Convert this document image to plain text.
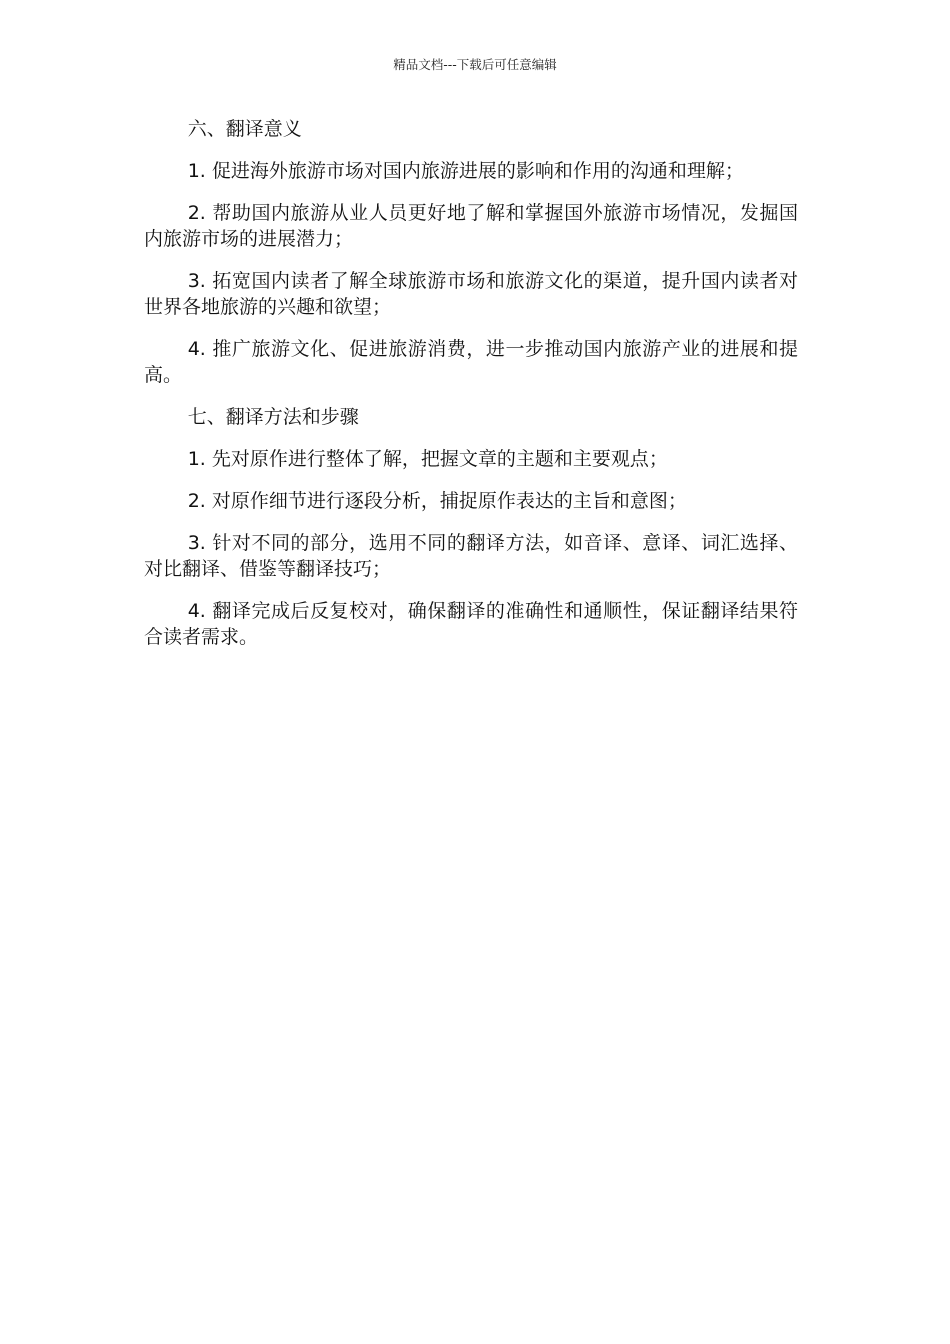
精品文档---下载后可任意编辑

六、翻译意义

1. 促进海外旅游市场对国内旅游进展的影响和作用的沟通和理解；

2. 帮助国内旅游从业人员更好地了解和掌握国外旅游市场情况，发掘国内旅游市场的进展潜力；

3. 拓宽国内读者了解全球旅游市场和旅游文化的渠道，提升国内读者对世界各地旅游的兴趣和欲望；

4. 推广旅游文化、促进旅游消费，进一步推动国内旅游产业的进展和提高。

七、翻译方法和步骤

1. 先对原作进行整体了解，把握文章的主题和主要观点；

2. 对原作细节进行逐段分析，捕捉原作表达的主旨和意图；

3. 针对不同的部分，选用不同的翻译方法，如音译、意译、词汇选择、对比翻译、借鉴等翻译技巧；

4. 翻译完成后反复校对，确保翻译的准确性和通顺性，保证翻译结果符合读者需求。
